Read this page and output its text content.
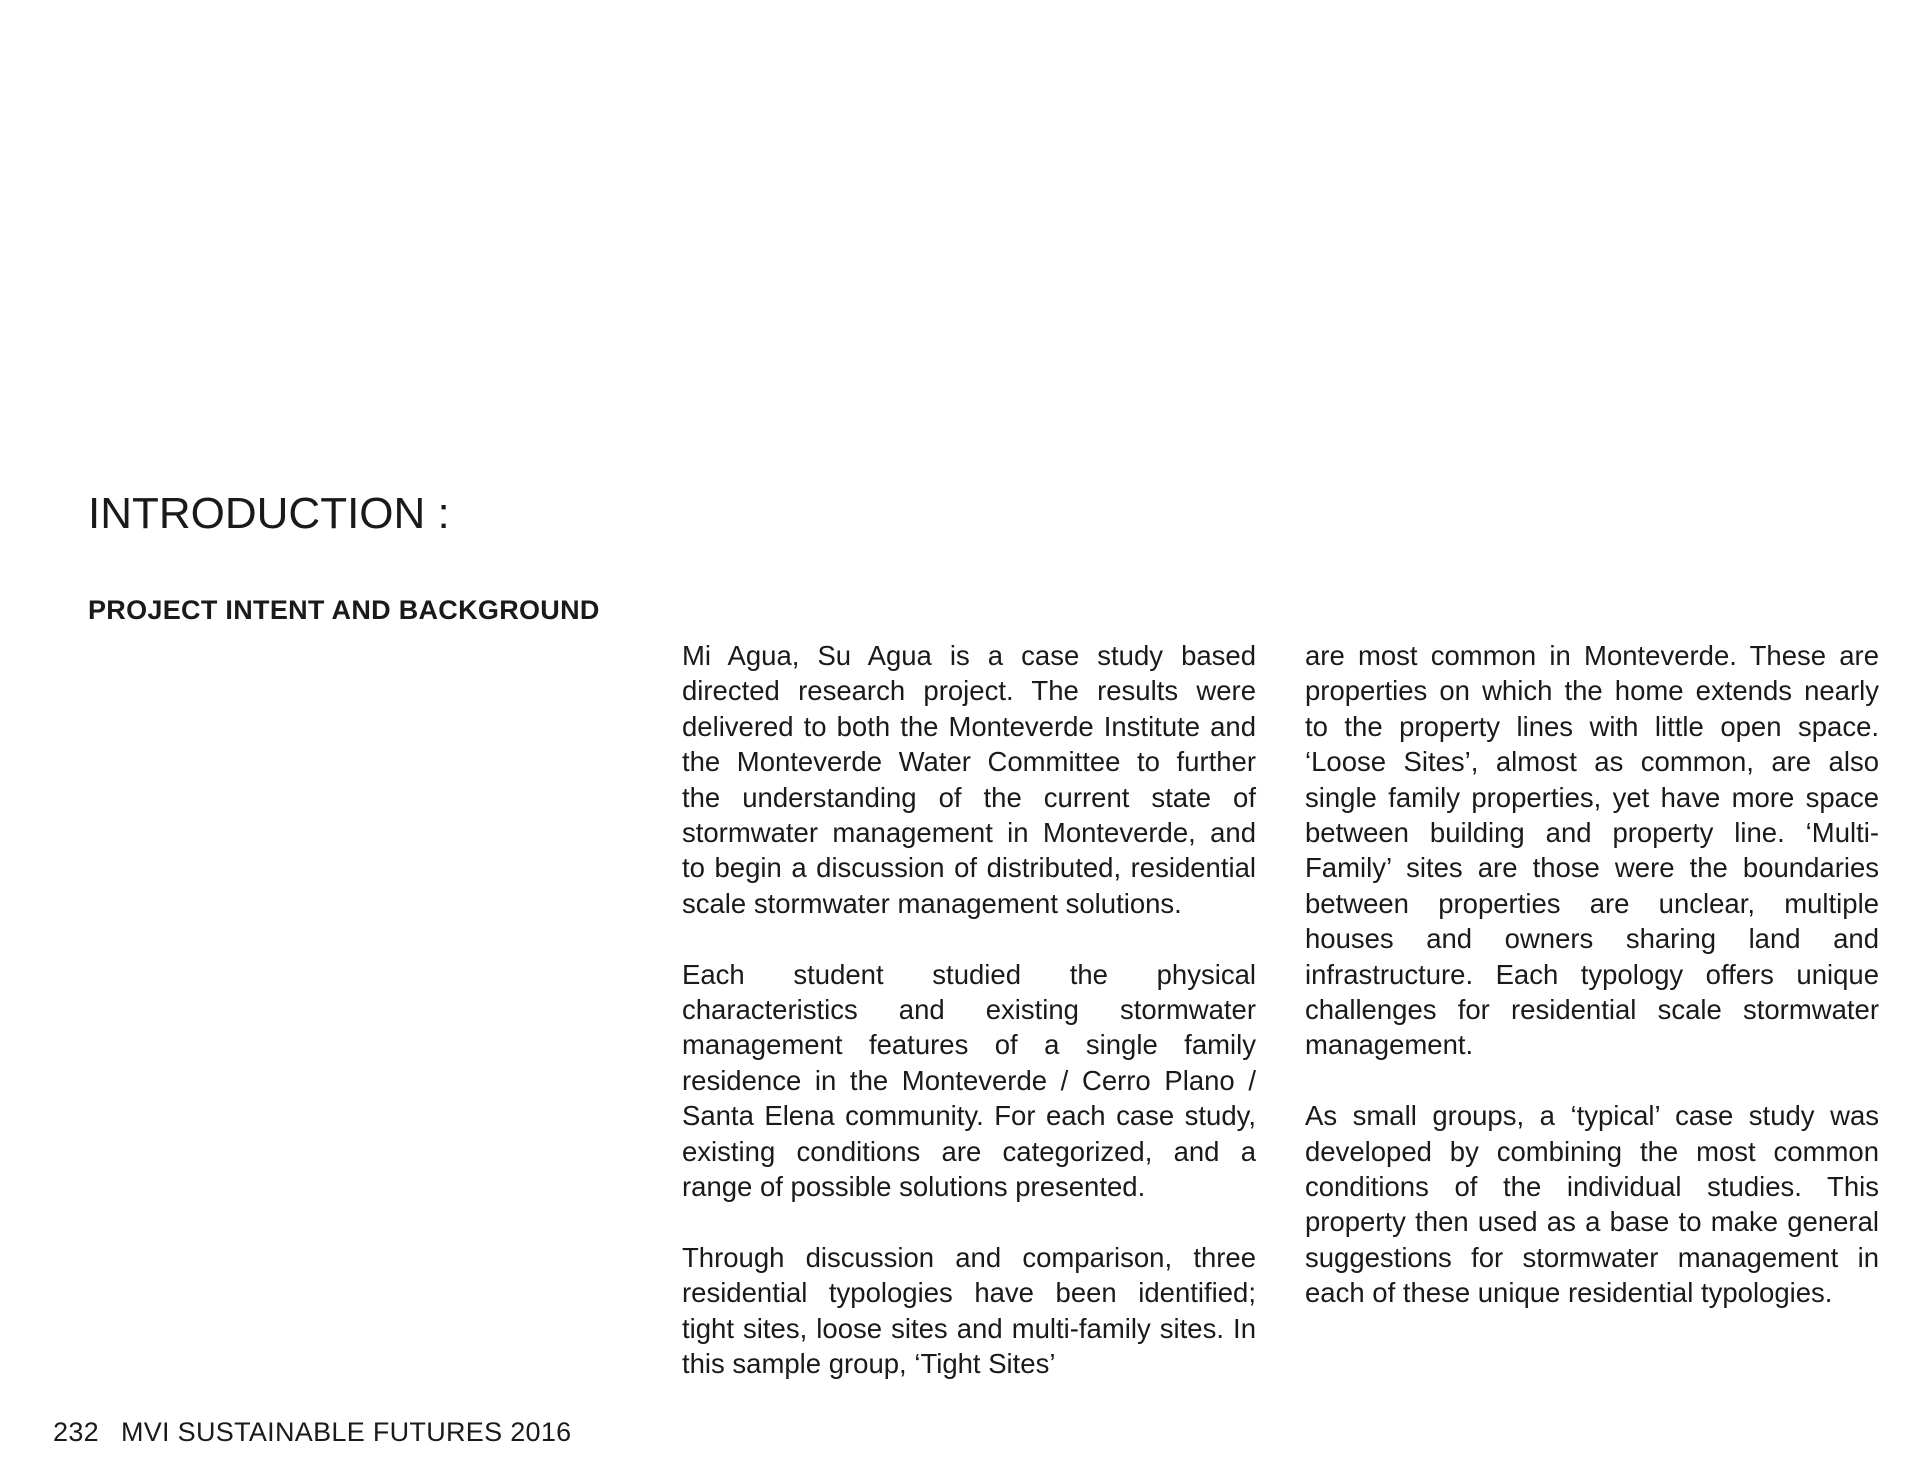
INTRODUCTION :
PROJECT INTENT AND BACKGROUND

Mi Agua, Su Agua is a case study based directed research project. The results were delivered to both the Monteverde Institute and the Monteverde Water Committee to further the understanding of the current state of stormwater management in Monteverde, and to begin a discussion of distributed, residential scale stormwater management solutions.

Each student studied the physical characteristics and existing stormwater management features of a single family residence in the Monteverde / Cerro Plano / Santa Elena community. For each case study, existing conditions are categorized, and a range of possible solutions presented.

Through discussion and comparison, three residential typologies have been identified; tight sites, loose sites and multi-family sites. In this sample group, ‘Tight Sites’

are most common in Monteverde. These are properties on which the home extends nearly to the property lines with little open space. ‘Loose Sites’, almost as common, are also single family properties, yet have more space between building and property line. ‘Multi-Family’ sites are those were the boundaries between properties are unclear, multiple houses and owners sharing land and infrastructure. Each typology offers unique challenges for residential scale stormwater management.

As small groups, a ‘typical’ case study was developed by combining the most common conditions of the individual studies. This property then used as a base to make general suggestions for stormwater management in each of these unique residential typologies.

232 MVI SUSTAINABLE FUTURES 2016
